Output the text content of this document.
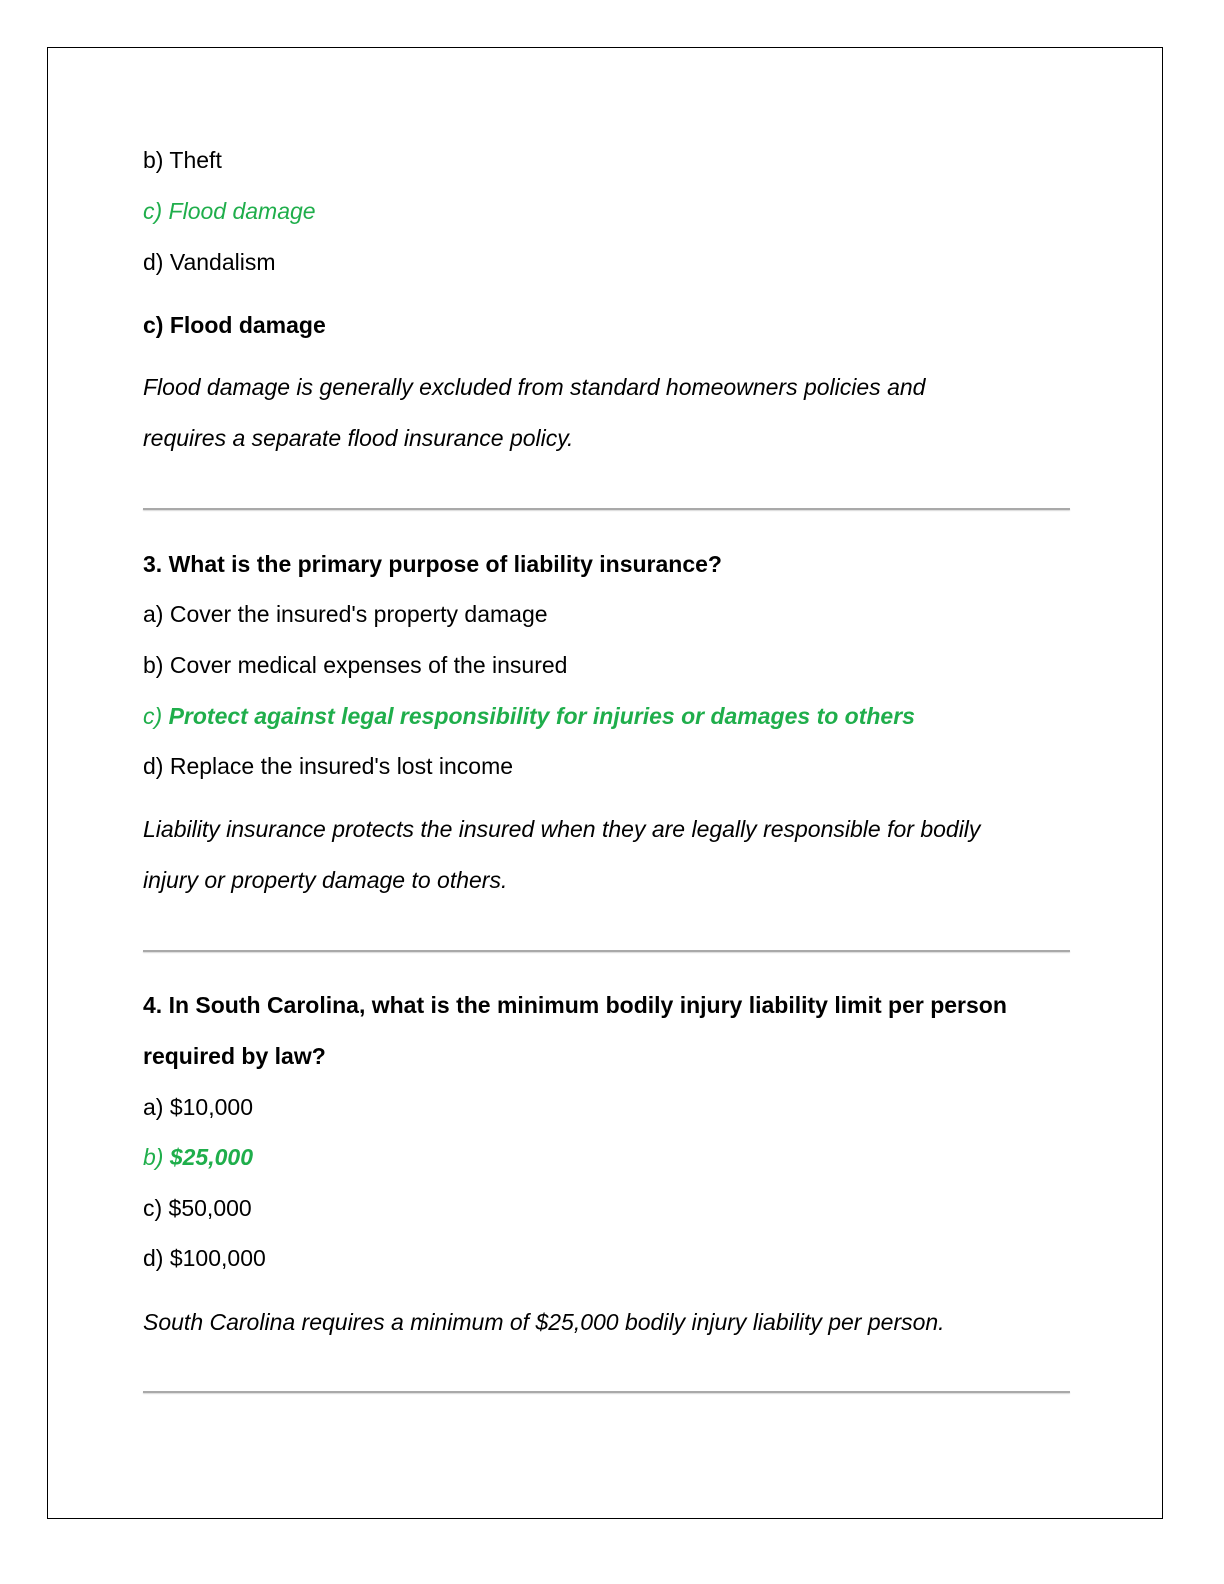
b) Theft
c) Flood damage
d) Vandalism
c) Flood damage
Flood damage is generally excluded from standard homeowners policies and
requires a separate flood insurance policy.
3. What is the primary purpose of liability insurance?
a) Cover the insured's property damage
b) Cover medical expenses of the insured
c) Protect against legal responsibility for injuries or damages to others
d) Replace the insured's lost income
Liability insurance protects the insured when they are legally responsible for bodily
injury or property damage to others.
4. In South Carolina, what is the minimum bodily injury liability limit per person
required by law?
a) $10,000
b) $25,000
c) $50,000
d) $100,000
South Carolina requires a minimum of $25,000 bodily injury liability per person.
